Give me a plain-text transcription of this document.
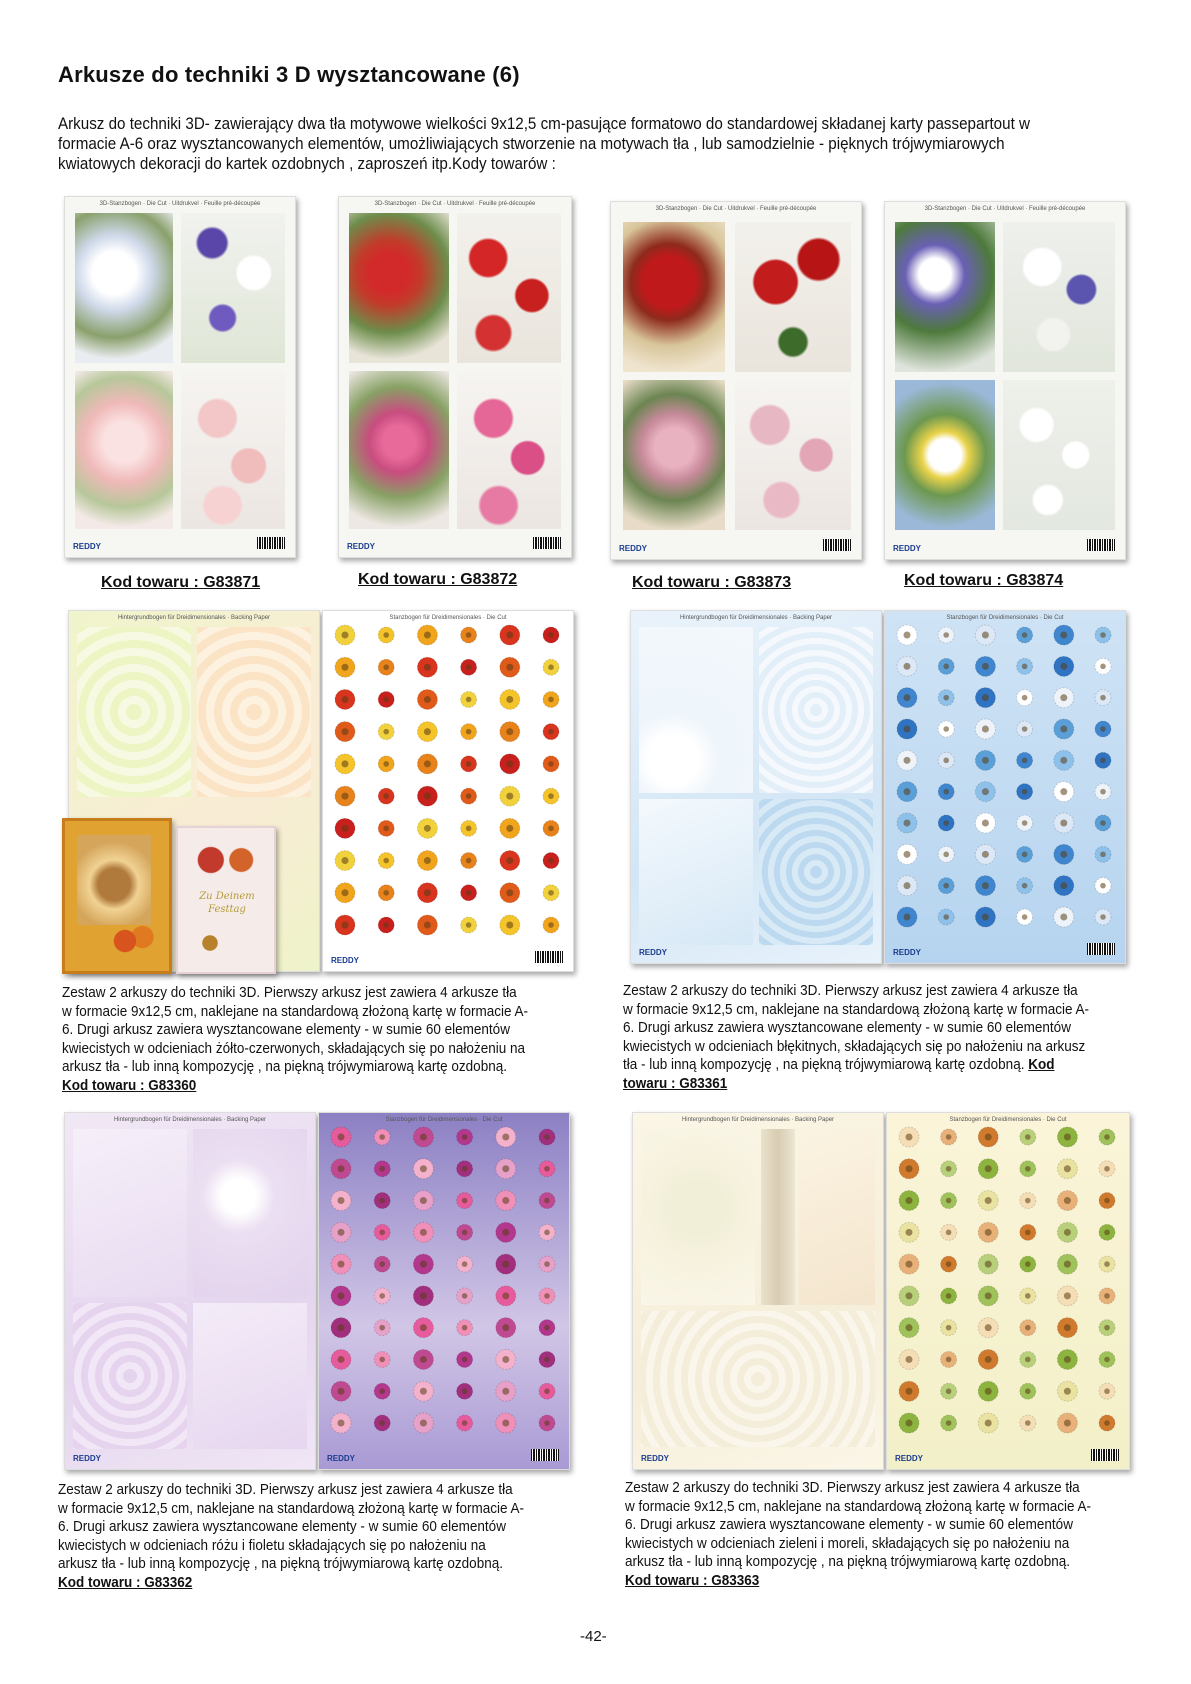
Arkusze do techniki 3 D wysztancowane (6)
Arkusz do techniki 3D- zawierający dwa tła motywowe wielkości 9x12,5 cm-pasujące formatowo do standardowej składanej karty passepartout w formacie A-6 oraz wysztancowanych elementów, umożliwiających stworzenie na motywach tła , lub samodzielnie - pięknych trójwymiarowych kwiatowych dekoracji do kartek ozdobnych , zaproszeń itp.Kody towarów :
3D-Stanzbogen · Die Cut · Uitdrukvel · Feuille pré-découpée
REDDY
Kod towaru : G83871
3D-Stanzbogen · Die Cut · Uitdrukvel · Feuille pré-découpée
REDDY
Kod towaru : G83872
3D-Stanzbogen · Die Cut · Uitdrukvel · Feuille pré-découpée
REDDY
Kod towaru : G83873
3D-Stanzbogen · Die Cut · Uitdrukvel · Feuille pré-découpée
REDDY
Kod towaru : G83874
Hintergrundbogen für Dreidimensionales · Backing Paper	Stanzbogen für Dreidimensionales · Die Cut
REDDY
Zu Deinem Festtag
Zestaw 2 arkuszy do techniki 3D. Pierwszy arkusz jest zawiera 4 arkusze tła w formacie 9x12,5 cm, naklejane na standardową złożoną kartę w formacie A-6. Drugi arkusz zawiera wysztancowane elementy - w sumie 60 elementów kwiecistych w odcieniach żółto-czerwonych, składających się po nałożeniu na arkusz tła - lub inną kompozycję , na piękną trójwymiarową kartę ozdobną.
Kod towaru : G83360
Hintergrundbogen für Dreidimensionales · Backing Paper
REDDY
Stanzbogen für Dreidimensionales · Die Cut
REDDY
Zestaw 2 arkuszy do techniki 3D. Pierwszy arkusz jest zawiera 4 arkusze tła w formacie 9x12,5 cm, naklejane na standardową złożoną kartę w formacie A-6. Drugi arkusz zawiera wysztancowane elementy - w sumie 60 elementów kwiecistych w odcieniach błękitnych, składających się po nałożeniu na arkusz tła - lub inną kompozycję , na piękną trójwymiarową kartę ozdobną. Kod towaru : G83361
Hintergrundbogen für Dreidimensionales · Backing Paper
REDDY
Stanzbogen für Dreidimensionales · Die Cut
REDDY
Zestaw 2 arkuszy do techniki 3D. Pierwszy arkusz jest zawiera 4 arkusze tła w formacie 9x12,5 cm, naklejane na standardową złożoną kartę w formacie A-6. Drugi arkusz zawiera wysztancowane elementy - w sumie 60 elementów kwiecistych w odcieniach różu i fioletu składających się po nałożeniu na arkusz tła - lub inną kompozycję , na piękną trójwymiarową kartę ozdobną.
Kod towaru : G83362
Hintergrundbogen für Dreidimensionales · Backing Paper
REDDY
Stanzbogen für Dreidimensionales · Die Cut
REDDY
Zestaw 2 arkuszy do techniki 3D. Pierwszy arkusz jest zawiera 4 arkusze tła w formacie 9x12,5 cm, naklejane na standardową złożoną kartę w formacie A-6. Drugi arkusz zawiera wysztancowane elementy - w sumie 60 elementów kwiecistych w odcieniach zieleni i moreli, składających się po nałożeniu na arkusz tła - lub inną kompozycję , na piękną trójwymiarową kartę ozdobną.
Kod towaru : G83363
-42-
